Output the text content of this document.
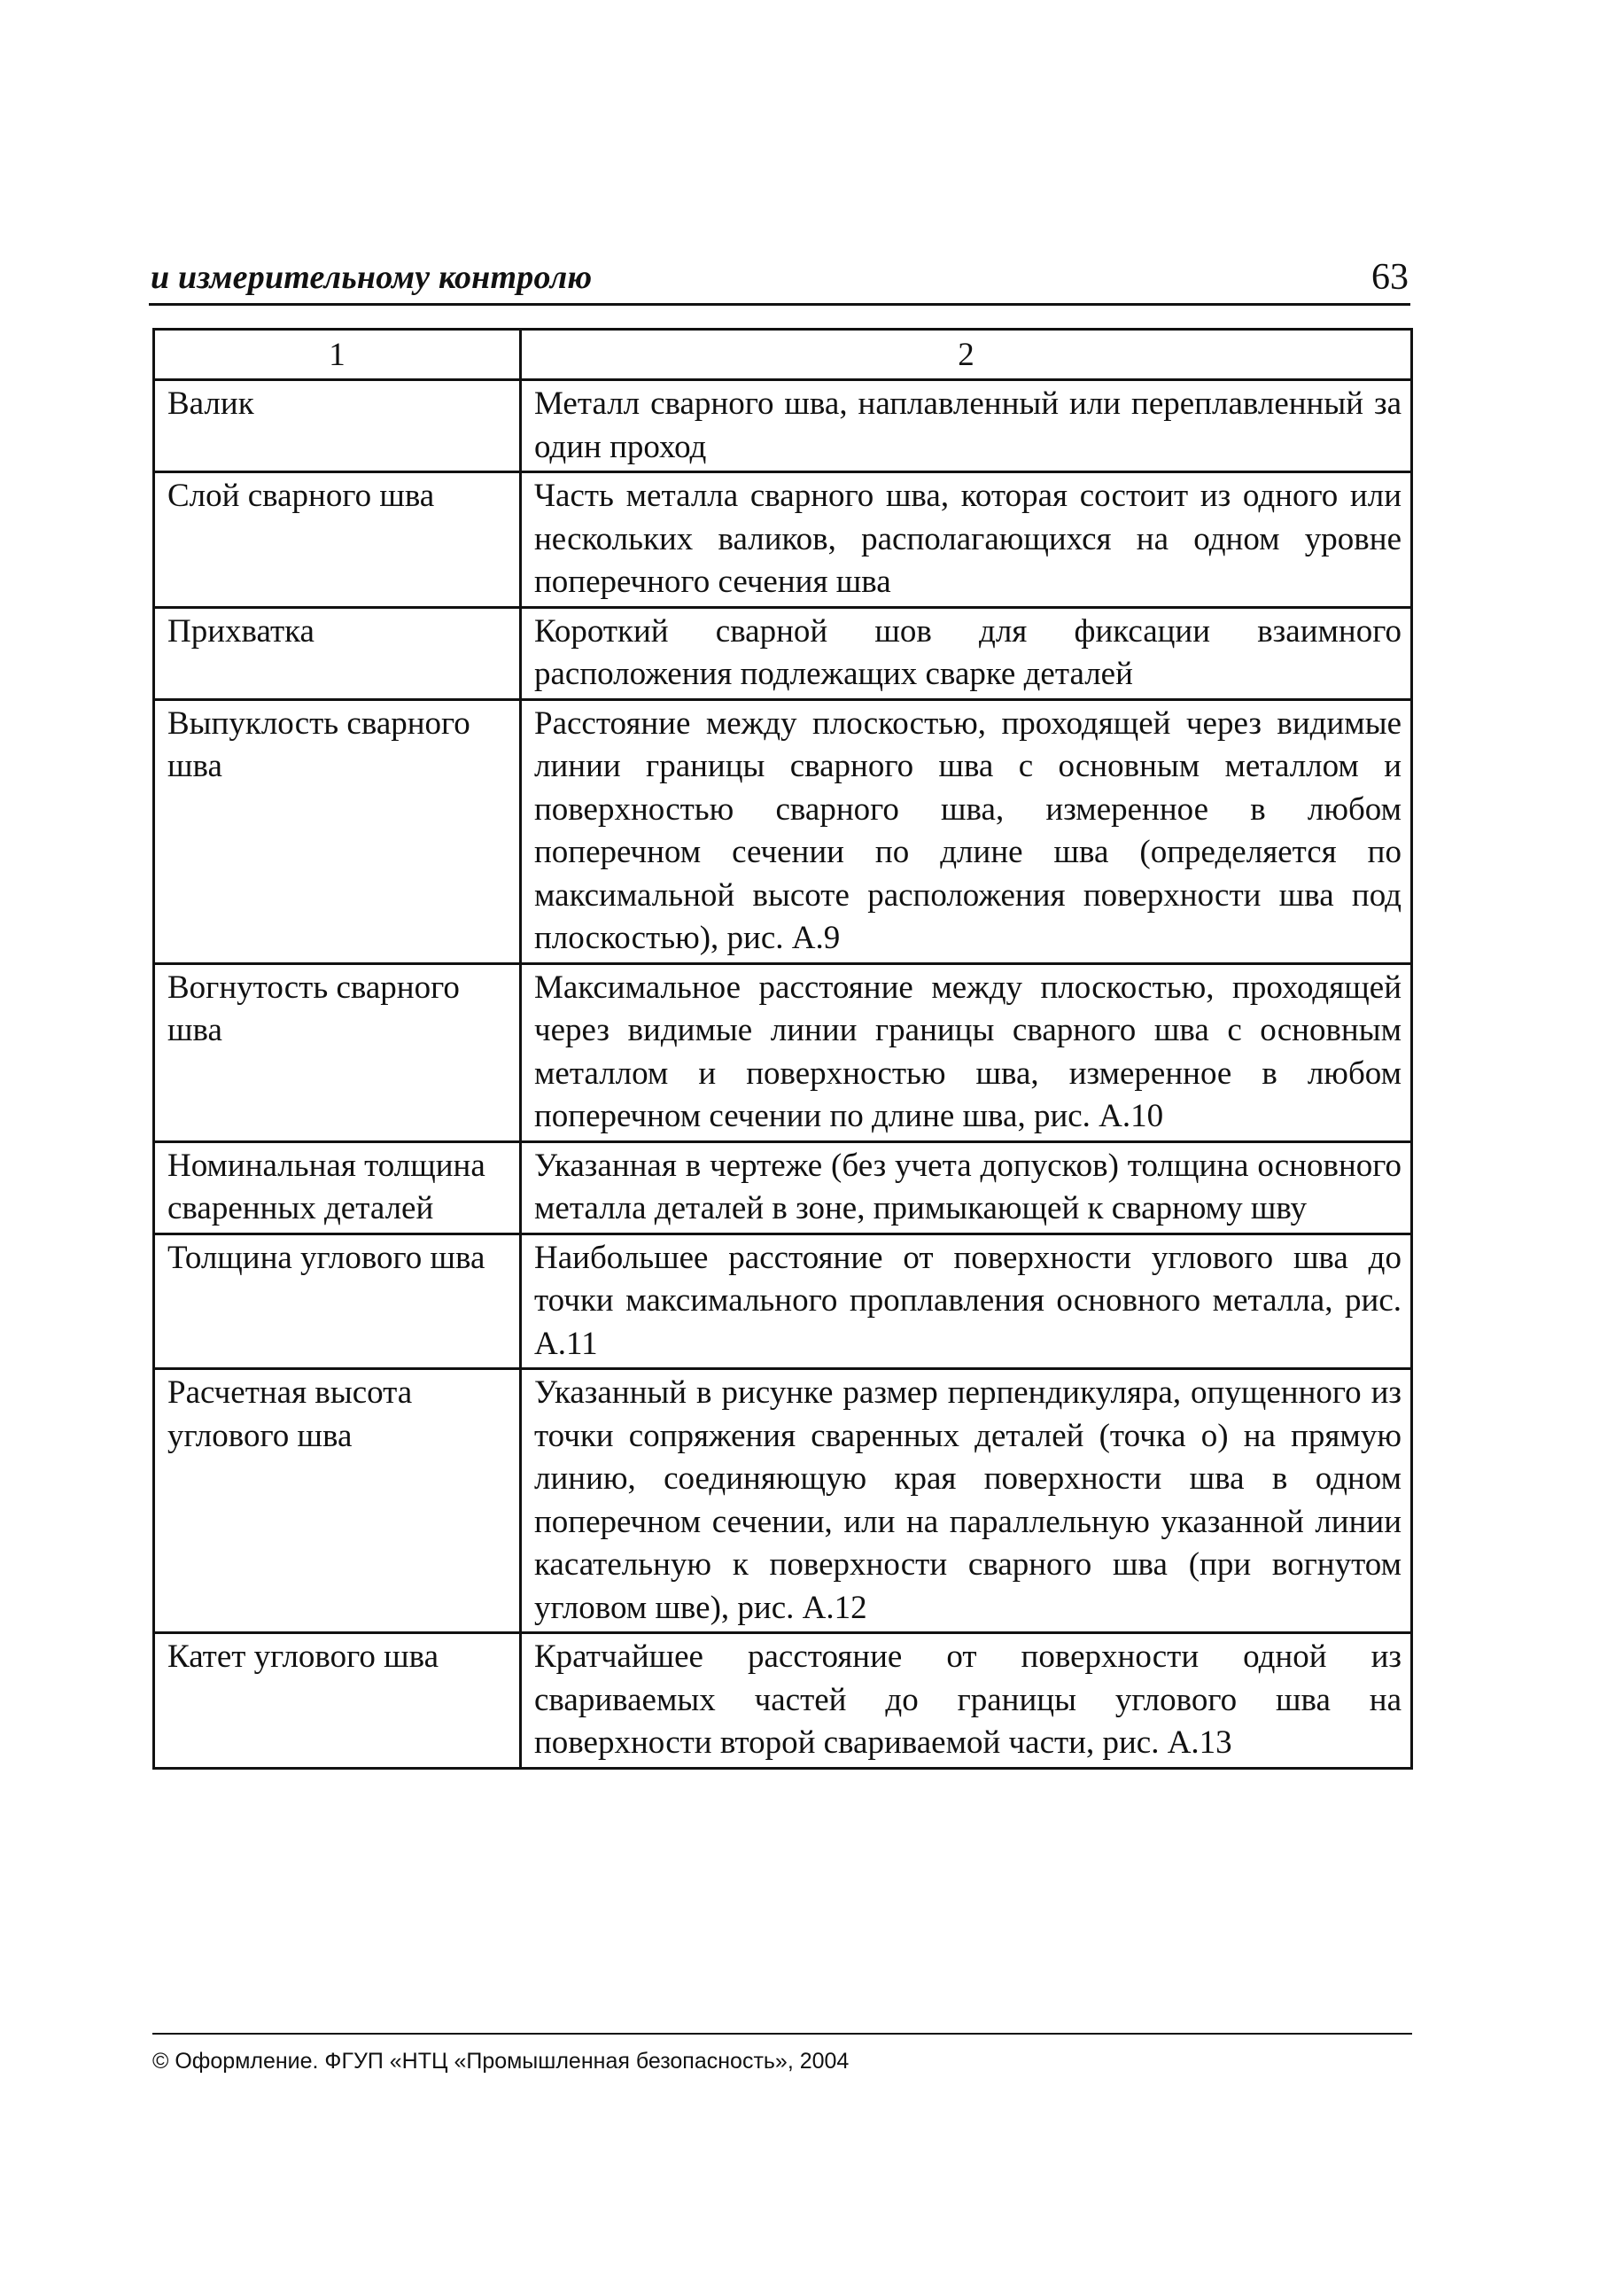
и измерительному контролю	63
1	2
Валик	Металл сварного шва, наплавленный или переплавленный за один проход
Слой сварного шва	Часть металла сварного шва, которая состоит из одного или нескольких валиков, располагающихся на одном уровне поперечного сечения шва
Прихватка	Короткий сварной шов для фиксации взаимного расположения подлежащих сварке деталей
Выпуклость сварного шва	Расстояние между плоскостью, проходящей через видимые линии границы сварного шва с основным металлом и поверхностью сварного шва, измеренное в любом поперечном сечении по длине шва (определяется по максимальной высоте расположения поверхности шва под плоскостью), рис. А.9
Вогнутость сварного шва	Максимальное расстояние между плоскостью, проходящей через видимые линии границы сварного шва с основным металлом и поверхностью шва, измеренное в любом поперечном сечении по длине шва, рис. А.10
Номинальная толщина сваренных деталей	Указанная в чертеже (без учета допусков) толщина основного металла деталей в зоне, примыкающей к сварному шву
Толщина углового шва	Наибольшее расстояние от поверхности углового шва до точки максимального проплавления основного металла, рис. А.11
Расчетная высота углового шва	Указанный в рисунке размер перпендикуляра, опущенного из точки сопряжения сваренных деталей (точка о) на прямую линию, соединяющую края поверхности шва в одном поперечном сечении, или на параллельную указанной линии касательную к поверхности сварного шва (при вогнутом угловом шве), рис. А.12
Катет углового шва	Кратчайшее расстояние от поверхности одной из свариваемых частей до границы углового шва на поверхности второй свариваемой части, рис. А.13
© Оформление. ФГУП «НТЦ «Промышленная безопасность», 2004
